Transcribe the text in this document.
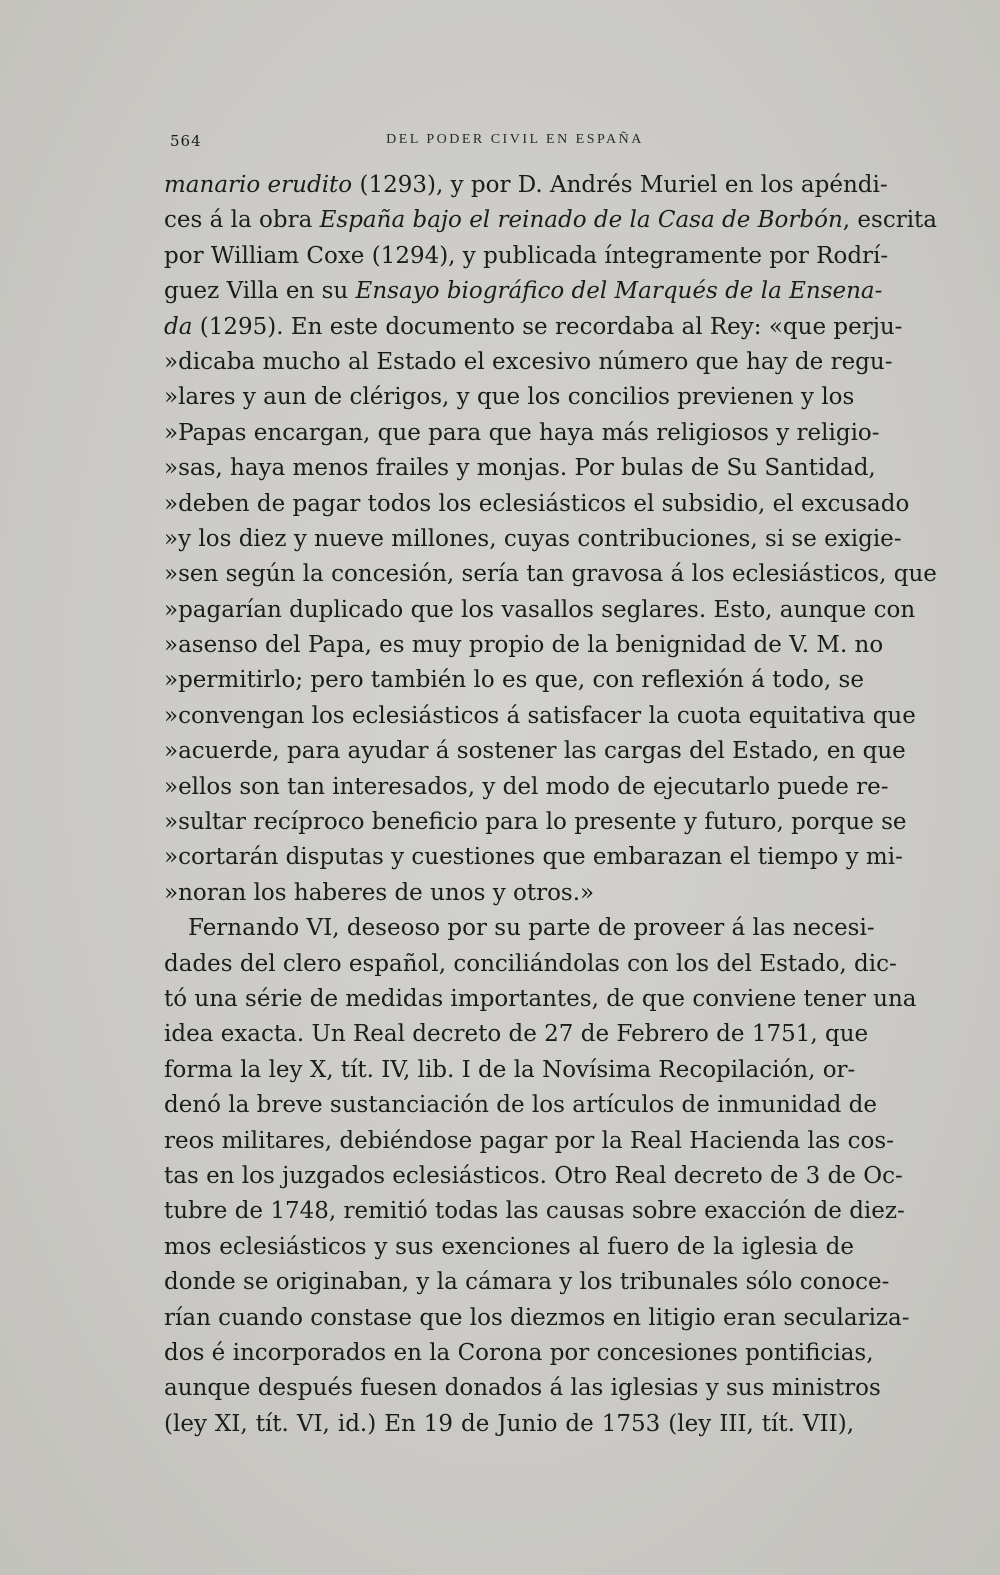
564	DEL PODER CIVIL EN ESPAÑA
manario erudito (1293), y por D. Andrés Muriel en los apéndi-
ces á la obra España bajo el reinado de la Casa de Borbón, escrita
por William Coxe (1294), y publicada íntegramente por Rodrí-
guez Villa en su Ensayo biográfico del Marqués de la Ensena-
da (1295). En este documento se recordaba al Rey: «que perju-
»dicaba mucho al Estado el excesivo número que hay de regu-
»lares y aun de clérigos, y que los concilios previenen y los
»Papas encargan, que para que haya más religiosos y religio-
»sas, haya menos frailes y monjas. Por bulas de Su Santidad,
»deben de pagar todos los eclesiásticos el subsidio, el excusado
»y los diez y nueve millones, cuyas contribuciones, si se exigie-
»sen según la concesión, sería tan gravosa á los eclesiásticos, que
»pagarían duplicado que los vasallos seglares. Esto, aunque con
»asenso del Papa, es muy propio de la benignidad de V. M. no
»permitirlo; pero también lo es que, con reflexión á todo, se
»convengan los eclesiásticos á satisfacer la cuota equitativa que
»acuerde, para ayudar á sostener las cargas del Estado, en que
»ellos son tan interesados, y del modo de ejecutarlo puede re-
»sultar recíproco beneficio para lo presente y futuro, porque se
»cortarán disputas y cuestiones que embarazan el tiempo y mi-
»noran los haberes de unos y otros.»
Fernando VI, deseoso por su parte de proveer á las necesi-
dades del clero español, conciliándolas con los del Estado, dic-
tó una série de medidas importantes, de que conviene tener una
idea exacta. Un Real decreto de 27 de Febrero de 1751, que
forma la ley X, tít. IV, lib. I de la Novísima Recopilación, or-
denó la breve sustanciación de los artículos de inmunidad de
reos militares, debiéndose pagar por la Real Hacienda las cos-
tas en los juzgados eclesiásticos. Otro Real decreto de 3 de Oc-
tubre de 1748, remitió todas las causas sobre exacción de diez-
mos eclesiásticos y sus exenciones al fuero de la iglesia de
donde se originaban, y la cámara y los tribunales sólo conoce-
rían cuando constase que los diezmos en litigio eran seculariza-
dos é incorporados en la Corona por concesiones pontificias,
aunque después fuesen donados á las iglesias y sus ministros
(ley XI, tít. VI, id.) En 19 de Junio de 1753 (ley III, tít. VII),
